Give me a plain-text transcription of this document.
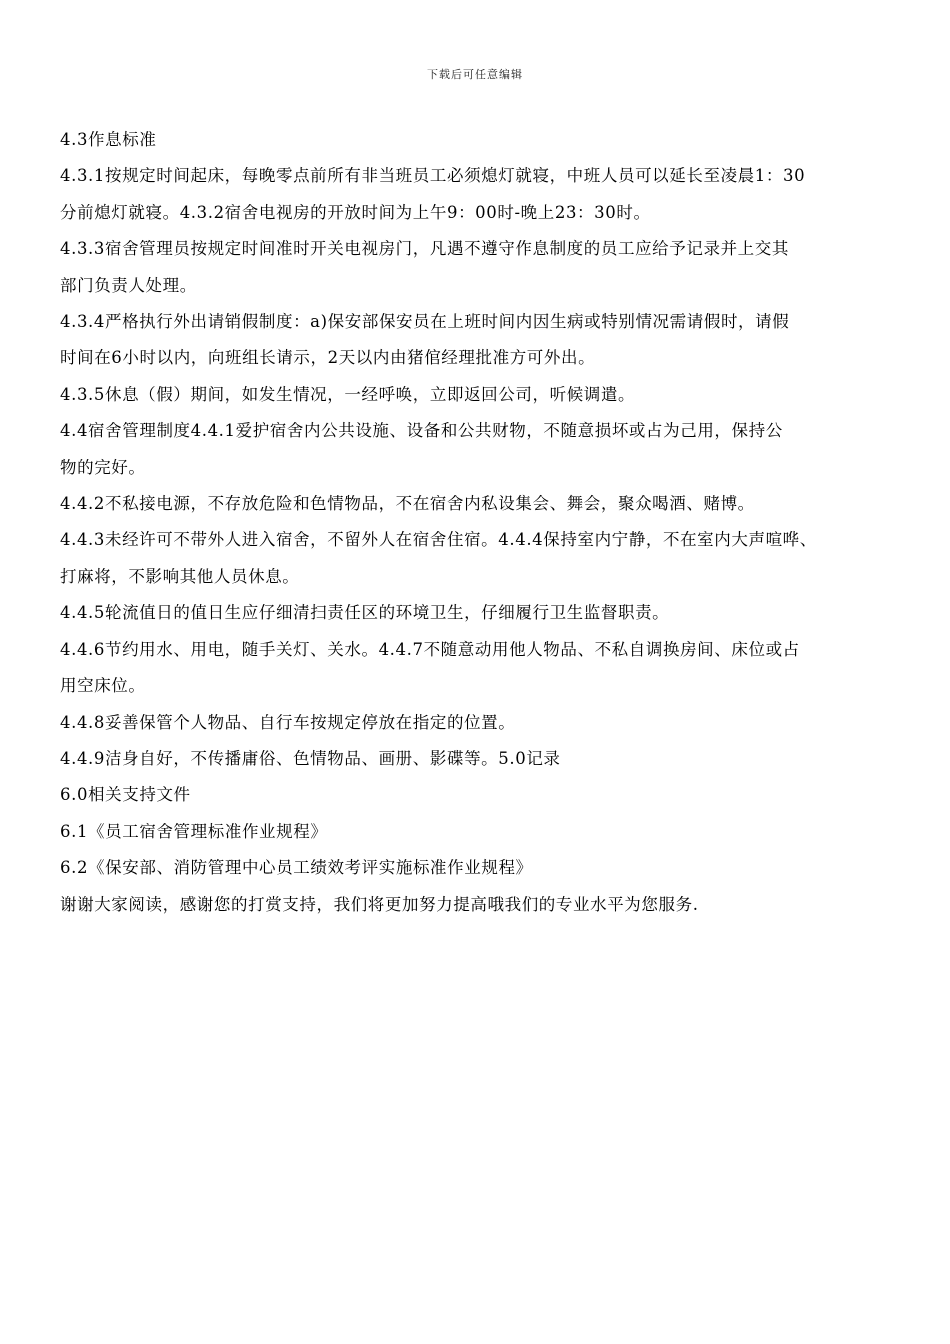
下载后可任意编辑

4.3作息标准

4.3.1按规定时间起床，每晚零点前所有非当班员工必须熄灯就寝，中班人员可以延长至凌晨1：30

分前熄灯就寝。4.3.2宿舍电视房的开放时间为上午9：00时-晚上23：30时。

4.3.3宿舍管理员按规定时间准时开关电视房门，凡遇不遵守作息制度的员工应给予记录并上交其

部门负责人处理。

4.3.4严格执行外出请销假制度：a)保安部保安员在上班时间内因生病或特别情况需请假时，请假

时间在6小时以内，向班组长请示，2天以内由猪倌经理批准方可外出。

4.3.5休息（假）期间，如发生情况，一经呼唤，立即返回公司，听候调遣。

4.4宿舍管理制度4.4.1爱护宿舍内公共设施、设备和公共财物，不随意损坏或占为己用，保持公

物的完好。

4.4.2不私接电源，不存放危险和色情物品，不在宿舍内私设集会、舞会，聚众喝酒、赌博。

4.4.3未经许可不带外人进入宿舍，不留外人在宿舍住宿。4.4.4保持室内宁静，不在室内大声喧哗、

打麻将，不影响其他人员休息。

4.4.5轮流值日的值日生应仔细清扫责任区的环境卫生，仔细履行卫生监督职责。

4.4.6节约用水、用电，随手关灯、关水。4.4.7不随意动用他人物品、不私自调换房间、床位或占

用空床位。

4.4.8妥善保管个人物品、自行车按规定停放在指定的位置。

4.4.9洁身自好，不传播庸俗、色情物品、画册、影碟等。5.0记录

6.0相关支持文件

6.1《员工宿舍管理标准作业规程》

6.2《保安部、消防管理中心员工绩效考评实施标准作业规程》

谢谢大家阅读，感谢您的打赏支持，我们将更加努力提高哦我们的专业水平为您服务.
